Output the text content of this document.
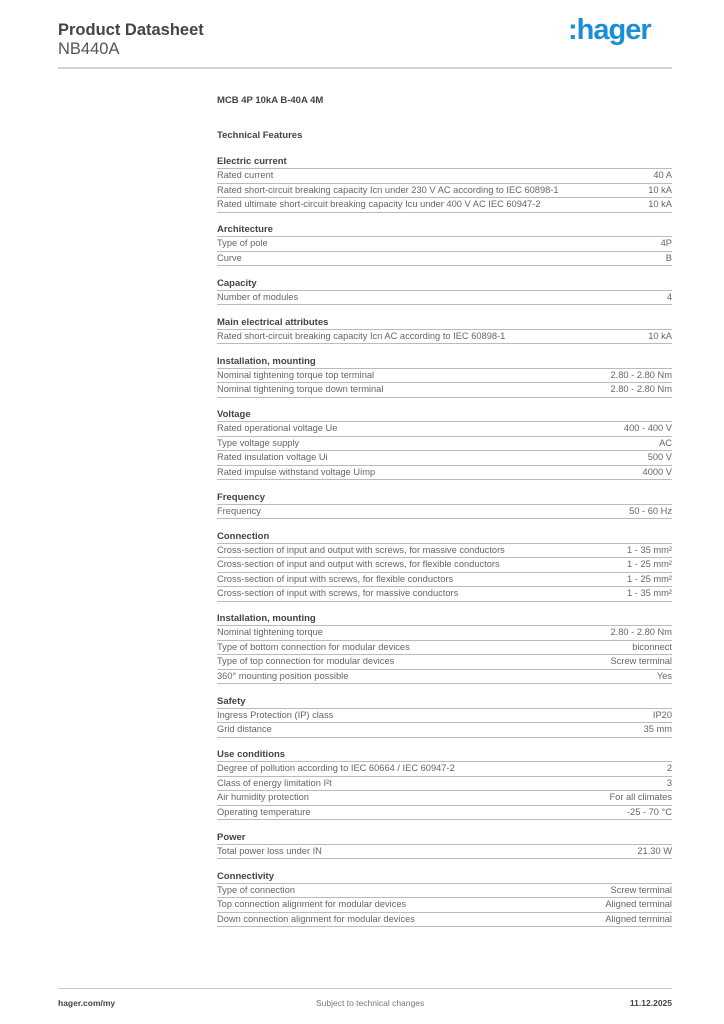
Product Datasheet
NB440A
:hager
MCB 4P 10kA B-40A 4M
Technical Features
Electric current
Rated current	40 A
Rated short-circuit breaking capacity Icn under 230 V AC according to IEC 60898-1	10 kA
Rated ultimate short-circuit breaking capacity Icu under 400 V AC IEC 60947-2	10 kA
Architecture
Type of pole	4P
Curve	B
Capacity
Number of modules	4
Main electrical attributes
Rated short-circuit breaking capacity Icn AC according to IEC 60898-1	10 kA
Installation, mounting
Nominal tightening torque top terminal	2.80 - 2.80 Nm
Nominal tightening torque down terminal	2.80 - 2.80 Nm
Voltage
Rated operational voltage Ue	400 - 400 V
Type voltage supply	AC
Rated insulation voltage Ui	500 V
Rated impulse withstand voltage Uimp	4000 V
Frequency
Frequency	50 - 60 Hz
Connection
Cross-section of input and output with screws, for massive conductors	1 - 35 mm²
Cross-section of input and output with screws, for flexible conductors	1 - 25 mm²
Cross-section of input with screws, for flexible conductors	1 - 25 mm²
Cross-section of input with screws, for massive conductors	1 - 35 mm²
Installation, mounting
Nominal tightening torque	2.80 - 2.80 Nm
Type of bottom connection for modular devices	biconnect
Type of top connection for modular devices	Screw terminal
360° mounting position possible	Yes
Safety
Ingress Protection (IP) class	IP20
Grid distance	35 mm
Use conditions
Degree of pollution according to IEC 60664 / IEC 60947-2	2
Class of energy limitation I²t	3
Air humidity protection	For all climates
Operating temperature	-25 - 70 °C
Power
Total power loss under IN	21.30 W
Connectivity
Type of connection	Screw terminal
Top connection alignment for modular devices	Aligned terminal
Down connection alignment for modular devices	Aligned terminal
hager.com/my	Subject to technical changes	11.12.2025
